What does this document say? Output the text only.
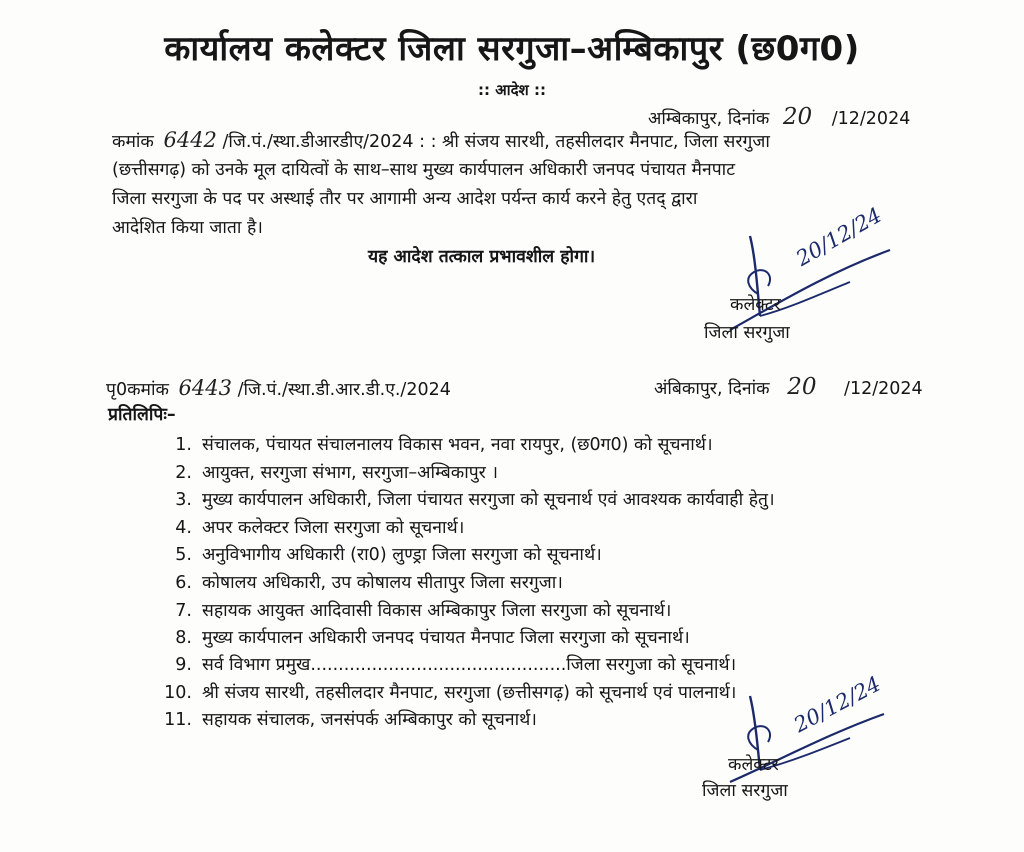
कार्यालय कलेक्टर जिला सरगुजा–अम्बिकापुर (छ0ग0)
:: आदेश ::
अम्बिकापुर, दिनांक 20 /12/2024
कमांक 6442 /जि.पं./स्था.डीआरडीए/2024 : : श्री संजय सारथी, तहसीलदार मैनपाट, जिला सरगुजा
(छत्तीसगढ़) को उनके मूल दायित्वों के साथ–साथ मुख्य कार्यपालन अधिकारी जनपद पंचायत मैनपाट
जिला सरगुजा के पद पर अस्थाई तौर पर आगामी अन्य आदेश पर्यन्त कार्य करने हेतु एतद् द्वारा
आदेशित किया जाता है।
यह आदेश तत्काल प्रभावशील होगा।	20/12/24
कलेक्टर
जिला सरगुजा
पृ0कमांक 6443 /जि.पं./स्था.डी.आर.डी.ए./2024	अंबिकापुर, दिनांक 20 /12/2024
प्रतिलिपिः–
1. संचालक, पंचायत संचालनालय विकास भवन, नवा रायपुर, (छ0ग0) को सूचनार्थ।
2. आयुक्त, सरगुजा संभाग, सरगुजा–अम्बिकापुर ।
3. मुख्य कार्यपालन अधिकारी, जिला पंचायत सरगुजा को सूचनार्थ एवं आवश्यक कार्यवाही हेतु।
4. अपर कलेक्टर जिला सरगुजा को सूचनार्थ।
5. अनुविभागीय अधिकारी (रा0) लुण्ड्रा जिला सरगुजा को सूचनार्थ।
6. कोषालय अधिकारी, उप कोषालय सीतापुर जिला सरगुजा।
7. सहायक आयुक्त आदिवासी विकास अम्बिकापुर जिला सरगुजा को सूचनार्थ।
8. मुख्य कार्यपालन अधिकारी जनपद पंचायत मैनपाट जिला सरगुजा को सूचनार्थ।
9. सर्व विभाग प्रमुख..............................................जिला सरगुजा को सूचनार्थ।
10. श्री संजय सारथी, तहसीलदार मैनपाट, सरगुजा (छत्तीसगढ़) को सूचनार्थ एवं पालनार्थ।
11. सहायक संचालक, जनसंपर्क अम्बिकापुर को सूचनार्थ।	20/12/24
कलेक्टर
जिला सरगुजा
